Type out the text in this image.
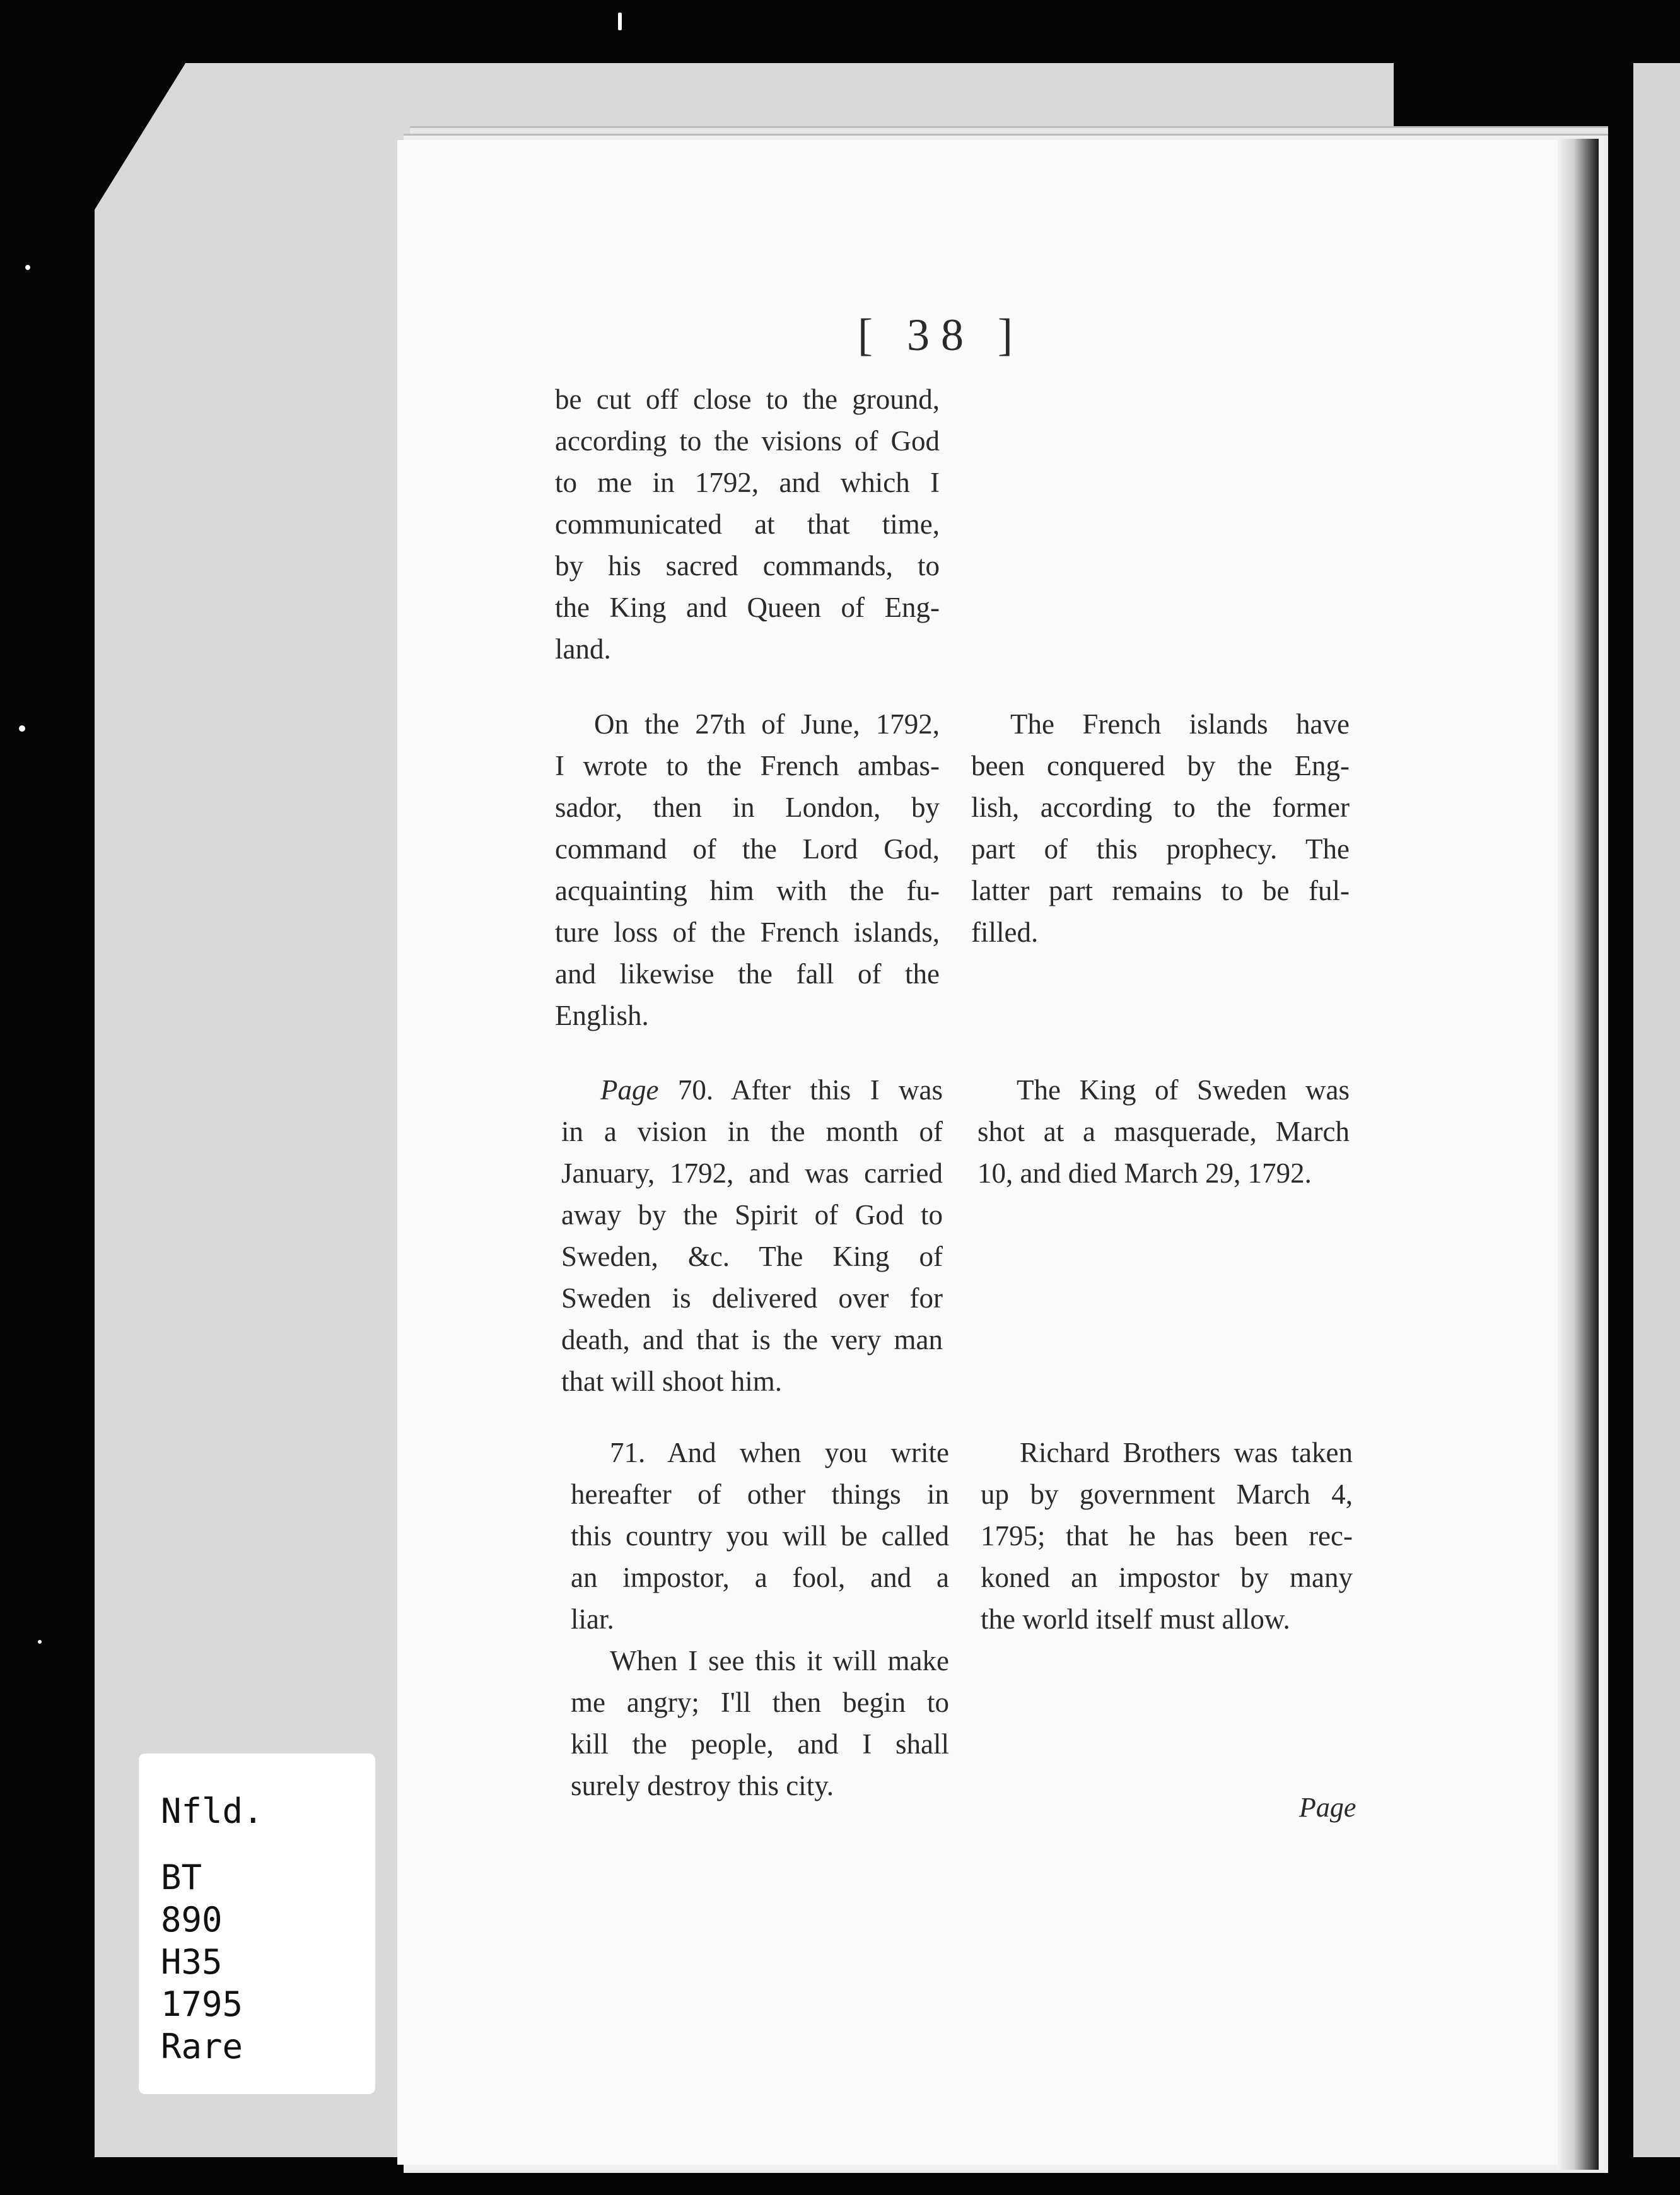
[ 38 ]
be cut off close to the ground,
according to the visions of God
to me in 1792, and which I
communicated at that time,
by his sacred commands, to
the King and Queen of Eng-
land.
On the 27th of June, 1792,
I wrote to the French ambas-
sador, then in London, by
command of the Lord God,
acquainting him with the fu-
ture loss of the French islands,
and likewise the fall of the
English.
The French islands have
been conquered by the Eng-
lish, according to the former
part of this prophecy. The
latter part remains to be ful-
filled.
Page 70. After this I was
in a vision in the month of
January, 1792, and was carried
away by the Spirit of God to
Sweden, &c. The King of
Sweden is delivered over for
death, and that is the very man
that will shoot him.
The King of Sweden was
shot at a masquerade, March
10, and died March 29, 1792.
71. And when you write
hereafter of other things in
this country you will be called
an impostor, a fool, and a
liar.
When I see this it will make
me angry; I'll then begin to
kill the people, and I shall
surely destroy this city.
Richard Brothers was taken
up by government March 4,
1795; that he has been rec-
koned an impostor by many
the world itself must allow.
Page
Nfld.
BT
890
H35
1795
Rare
